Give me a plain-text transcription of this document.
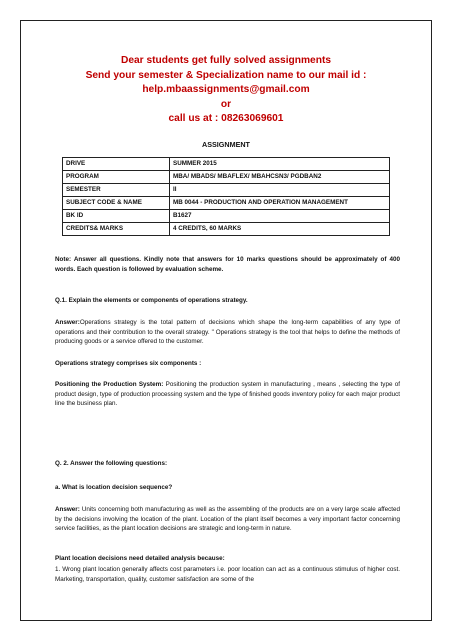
Dear students get fully solved assignments
Send your semester & Specialization name to our mail id :
help.mbaassignments@gmail.com
or
call us at : 08263069601
ASSIGNMENT
DRIVE	SUMMER 2015
PROGRAM	MBA/ MBADS/ MBAFLEX/ MBAHCSN3/ PGDBAN2
SEMESTER	II
SUBJECT CODE & NAME	MB 0044 - PRODUCTION AND OPERATION MANAGEMENT
BK ID	B1627
CREDITS& MARKS	4 CREDITS, 60 MARKS
Note: Answer all questions. Kindly note that answers for 10 marks questions should be approximately of 400 words. Each question is followed by evaluation scheme.
Q.1. Explain the elements or components of operations strategy.
Answer:Operations strategy is the total pattern of decisions which shape the long-term capabilities of any type of operations and their contribution to the overall strategy. " Operations strategy is the tool that helps to define the methods of producing goods or a service offered to the customer.
Operations strategy comprises six components :
Positioning the Production System: Positioning the production system in manufacturing , means , selecting the type of product design, type of production processing system and the type of finished goods inventory policy for each major product line the business plan.
Q. 2. Answer the following questions:
a. What is location decision sequence?
Answer: Units concerning both manufacturing as well as the assembling of the products are on a very large scale affected by the decisions involving the location of the plant. Location of the plant itself becomes a very important factor concerning service facilities, as the plant location decisions are strategic and long-term in nature.
Plant location decisions need detailed analysis because:
1. Wrong plant location generally affects cost parameters i.e. poor location can act as a continuous stimulus of higher cost. Marketing, transportation, quality, customer satisfaction are some of the
